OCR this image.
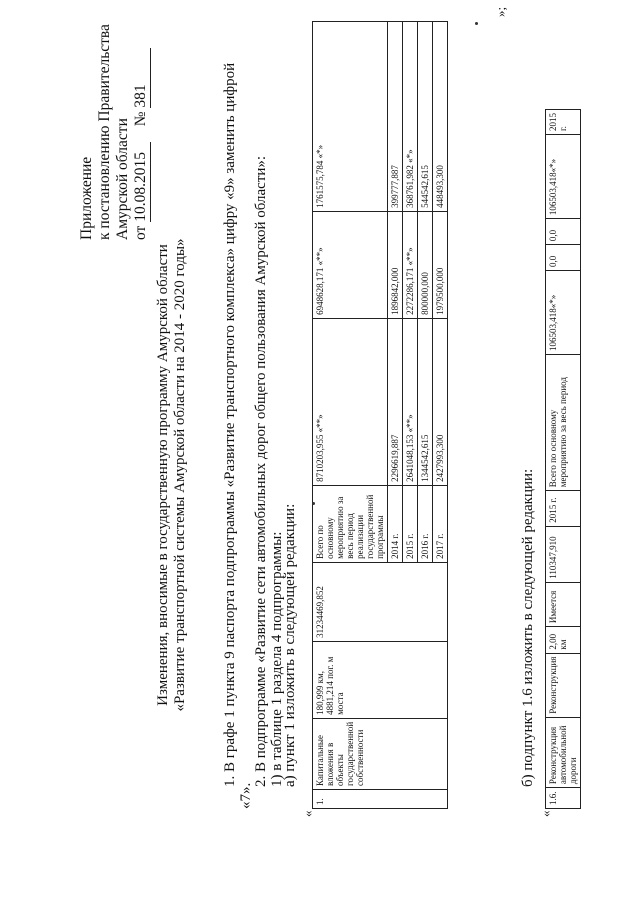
Приложение к постановлению Правительства Амурской области от 10.08.2015    № 381
Изменения, вносимые в государственную программу Амурской области «Развитие транспортной системы Амурской области на 2014 - 2020 годы» 1. В графе 1 пункта 9 паспорта подпрограммы «Развитие транспортного комплекса» цифру «9» заменить цифрой
«7».
2. В подпрограмме «Развитие сети автомобильных дорог общего пользования Амурской области»: 1) в таблице 1 раздела 4 подпрограммы:
а) пункт 1 изложить в следующей редакции:
«
1.	Капитальные вложения в объекты государственной собственности	180,999 км, 4881,214 пог. м моста	31234469,852	Всего по основному мероприятию за весь период реализации государственной программы	8710203,955 «**»	6948628,171 «**»	1761575,784 «*»
				2014 г.	2296619,887	1896842,000	399777,887
				2015 г.	2641048,153 «**»	2272286,171 «**»	368761,982 «*»
				2016 г.	1344542,615	800000,000	544542,615
				2017 г.	2427993,300	1979500,000	448493,300
»;
б) подпункт 1.6 изложить в следующей редакции:
«
1.6.	Реконструкция автомобильной дороги	Реконструкция	2,00 км	Имеется	110347,910	2015 г.	Всего по основному мероприятию за весь период	106503,418«*»	0,0	0,0	106503,418«*»	2015 г.
